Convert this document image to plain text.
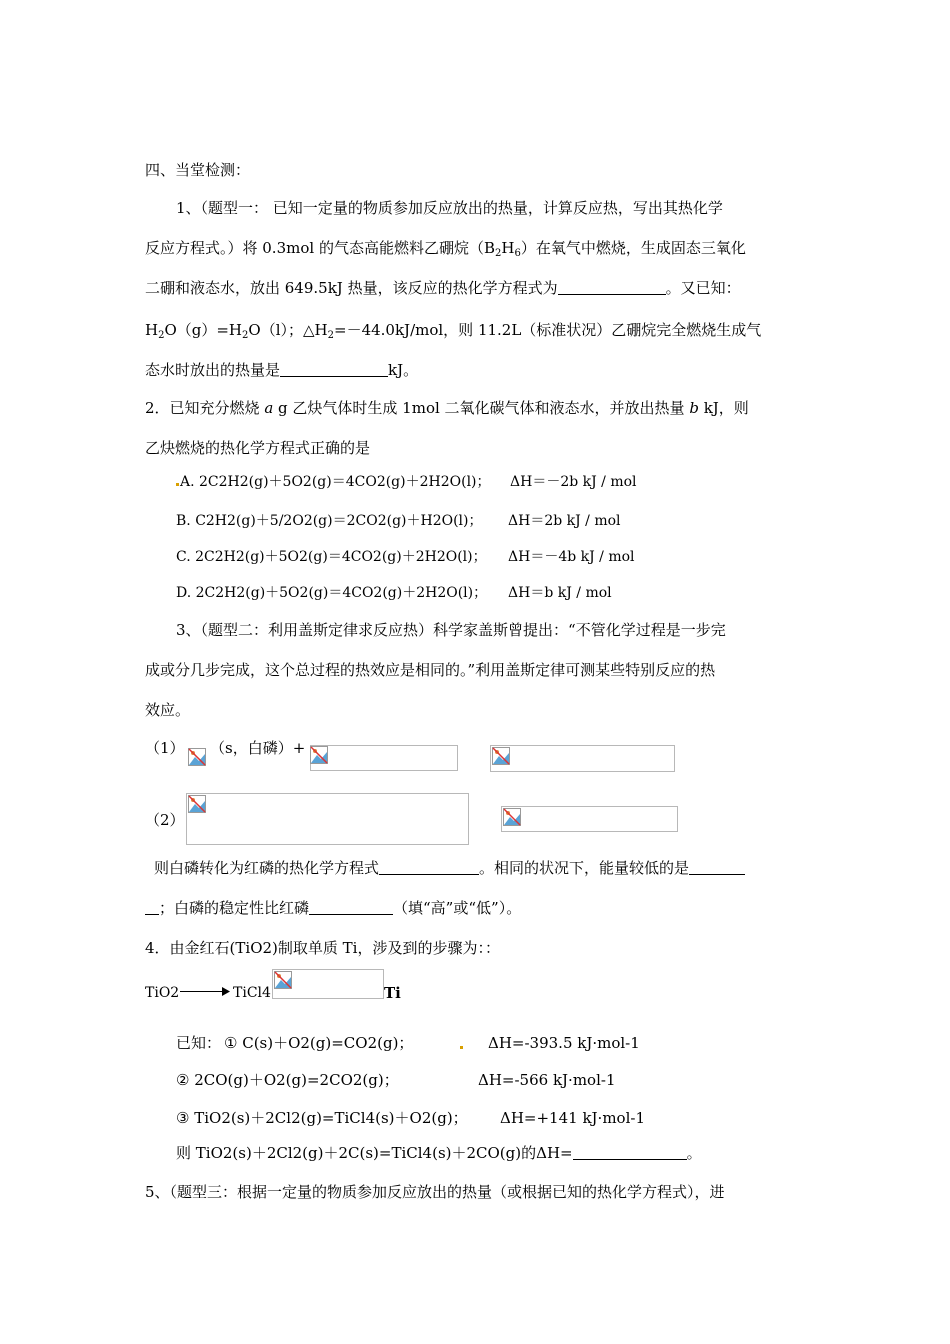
四、当堂检测：
1、（题型一： 已知一定量的物质参加反应放出的热量，计算反应热，写出其热化学
反应方程式。）将 0.3mol 的气态高能燃料乙硼烷$(B_2H_6)$在氧气中燃烧，生成固态三氧化
二硼和液态水，放出 649.5kJ 热量，该反应的热化学方程式为	。又已知：
$H_2O(g)=H_2O(l)$；$\triangle H_2=-44.0kJ$/mol，则 11.2L（标准状况）乙硼烷完全燃烧生成气
态水时放出的热量是	kJ。
2．已知充分燃烧 a g 乙炔气体时生成 1mol 二氧化碳气体和液态水，并放出热量 b kJ，则
乙炔燃烧的热化学方程式正确的是
A. 2C2H2(g)＋5O2(g)＝4CO2(g)＋2H2O(l)； ΔH＝－2b kJ / mol
B. C2H2(g)＋5/2O2(g)＝2CO2(g)＋H2O(l)； ΔH＝2b kJ / mol
C. 2C2H2(g)＋5O2(g)＝4CO2(g)＋2H2O(l)； ΔH＝－4b kJ / mol
D. 2C2H2(g)＋5O2(g)＝4CO2(g)＋2H2O(l)； ΔH＝b kJ / mol
3、（题型二：利用盖斯定律求反应热）科学家盖斯曾提出：“不管化学过程是一步完
成或分几步完成，这个总过程的热效应是相同的。”利用盖斯定律可测某些特别反应的热
效应。
（1） （s，白磷）+
（2）
则白磷转化为红磷的热化学方程式	。相同的状况下，能量较低的是
；白磷的稳定性比红磷	（填“高”或“低”）。
4．由金红石(TiO2)制取单质 Ti，涉及到的步骤为：：
TiO2	TiCl4	Ti
已知： ① C(s)＋O2(g)=CO2(g)；	ΔH=-393.5 kJ·mol-1
② 2CO(g)＋O2(g)=2CO2(g)；	ΔH=-566 kJ·mol-1
③ TiO2(s)＋2Cl2(g)=TiCl4(s)＋O2(g)； ΔH=+141 kJ·mol-1
则 TiO2(s)＋2Cl2(g)＋2C(s)=TiCl4(s)＋2CO(g)的ΔH=	。
5、（题型三：根据一定量的物质参加反应放出的热量（或根据已知的热化学方程式），进
